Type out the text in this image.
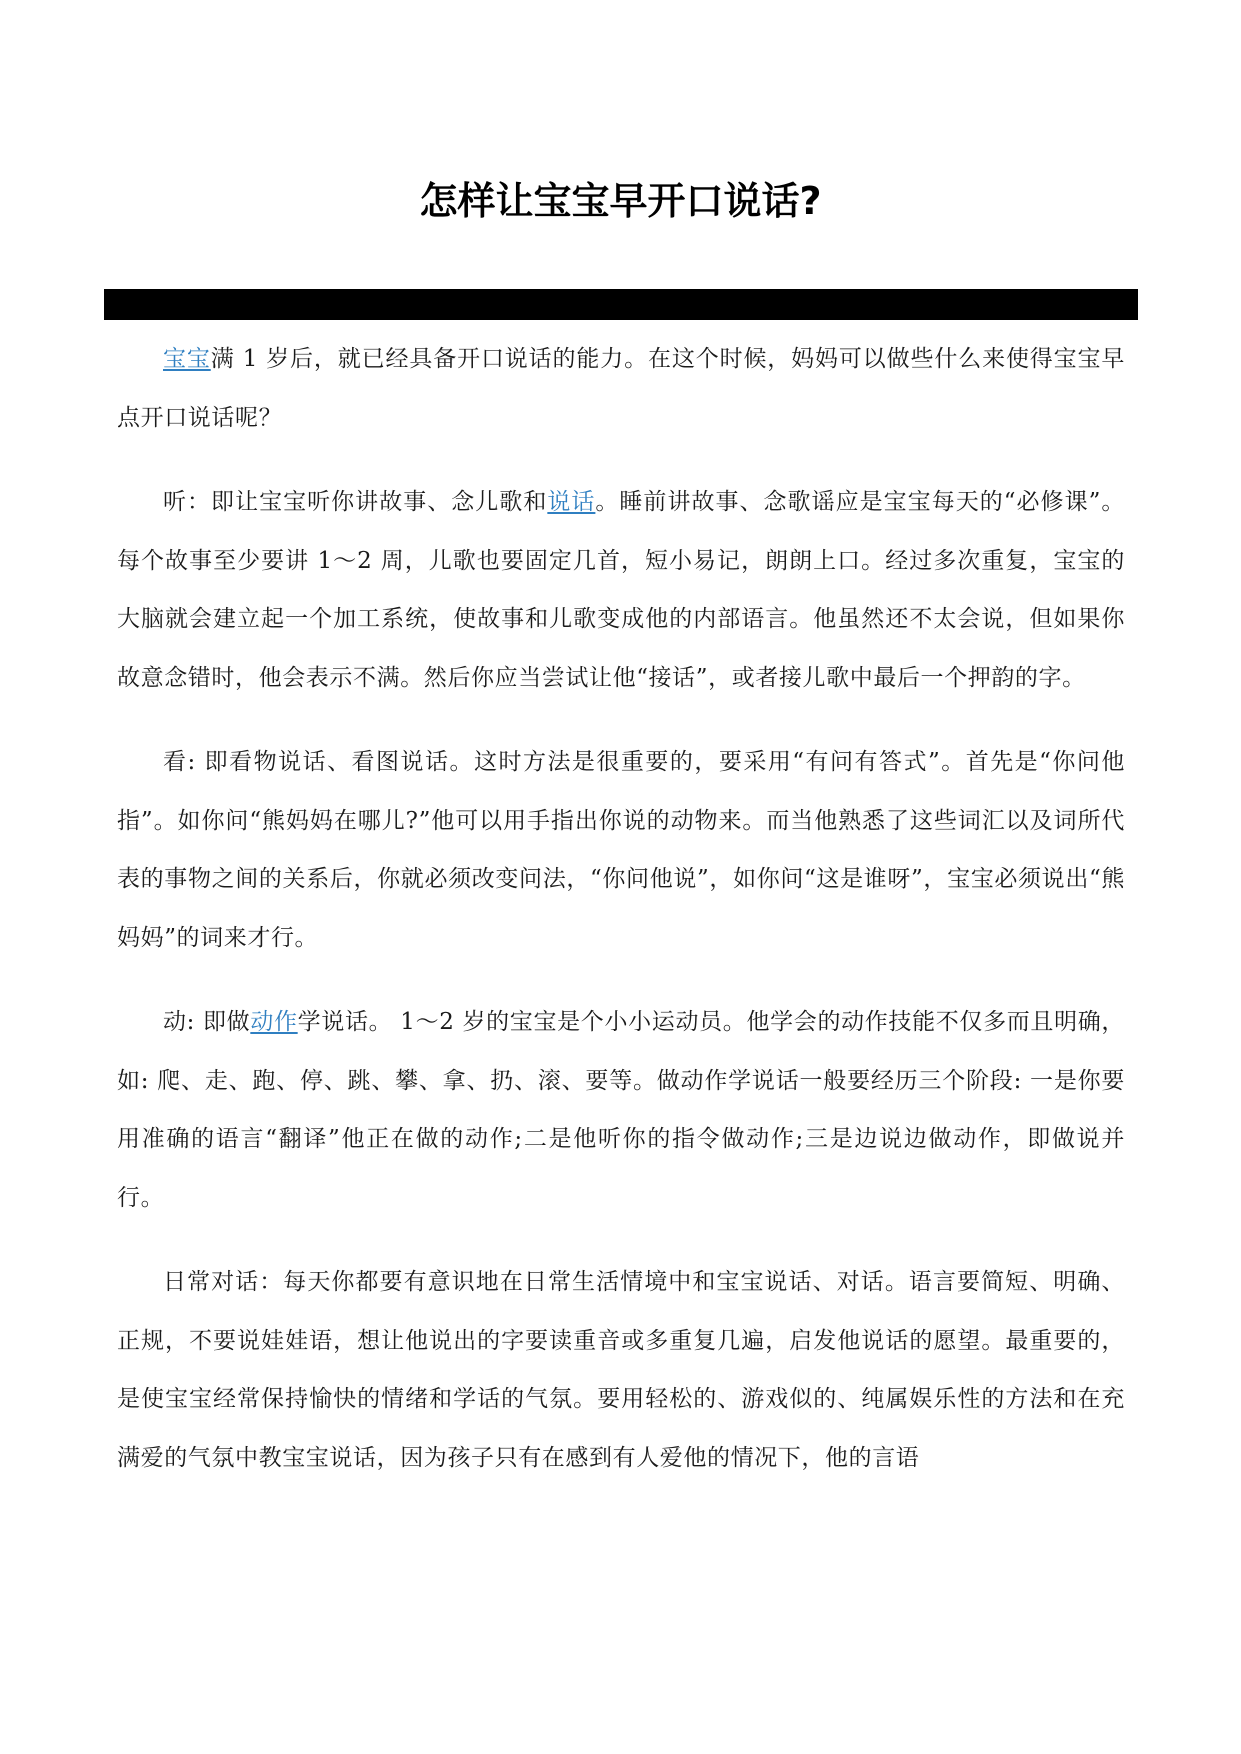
怎样让宝宝早开口说话?

宝宝满 1 岁后，就已经具备开口说话的能力。在这个时候，妈妈可以做些什么来使得宝宝早点开口说话呢？

听：即让宝宝听你讲故事、念儿歌和说话。睡前讲故事、念歌谣应是宝宝每天的“必修课”。每个故事至少要讲 1～2 周，儿歌也要固定几首，短小易记，朗朗上口。经过多次重复，宝宝的大脑就会建立起一个加工系统，使故事和儿歌变成他的内部语言。他虽然还不太会说，但如果你故意念错时，他会表示不满。然后你应当尝试让他“接话”，或者接儿歌中最后一个押韵的字。

看: 即看物说话、看图说话。这时方法是很重要的，要采用“有问有答式”。首先是“你问他指”。如你问“熊妈妈在哪儿?”他可以用手指出你说的动物来。而当他熟悉了这些词汇以及词所代表的事物之间的关系后，你就必须改变问法，“你问他说”，如你问“这是谁呀”，宝宝必须说出“熊妈妈”的词来才行。

动: 即做动作学说话。 1～2 岁的宝宝是个小小运动员。他学会的动作技能不仅多而且明确，如: 爬、走、跑、停、跳、攀、拿、扔、滚、要等。做动作学说话一般要经历三个阶段: 一是你要用准确的语言“翻译”他正在做的动作;二是他听你的指令做动作;三是边说边做动作，即做说并行。

日常对话：每天你都要有意识地在日常生活情境中和宝宝说话、对话。语言要简短、明确、正规，不要说娃娃语，想让他说出的字要读重音或多重复几遍，启发他说话的愿望。最重要的，是使宝宝经常保持愉快的情绪和学话的气氛。要用轻松的、游戏似的、纯属娱乐性的方法和在充满爱的气氛中教宝宝说话，因为孩子只有在感到有人爱他的情况下，他的言语
